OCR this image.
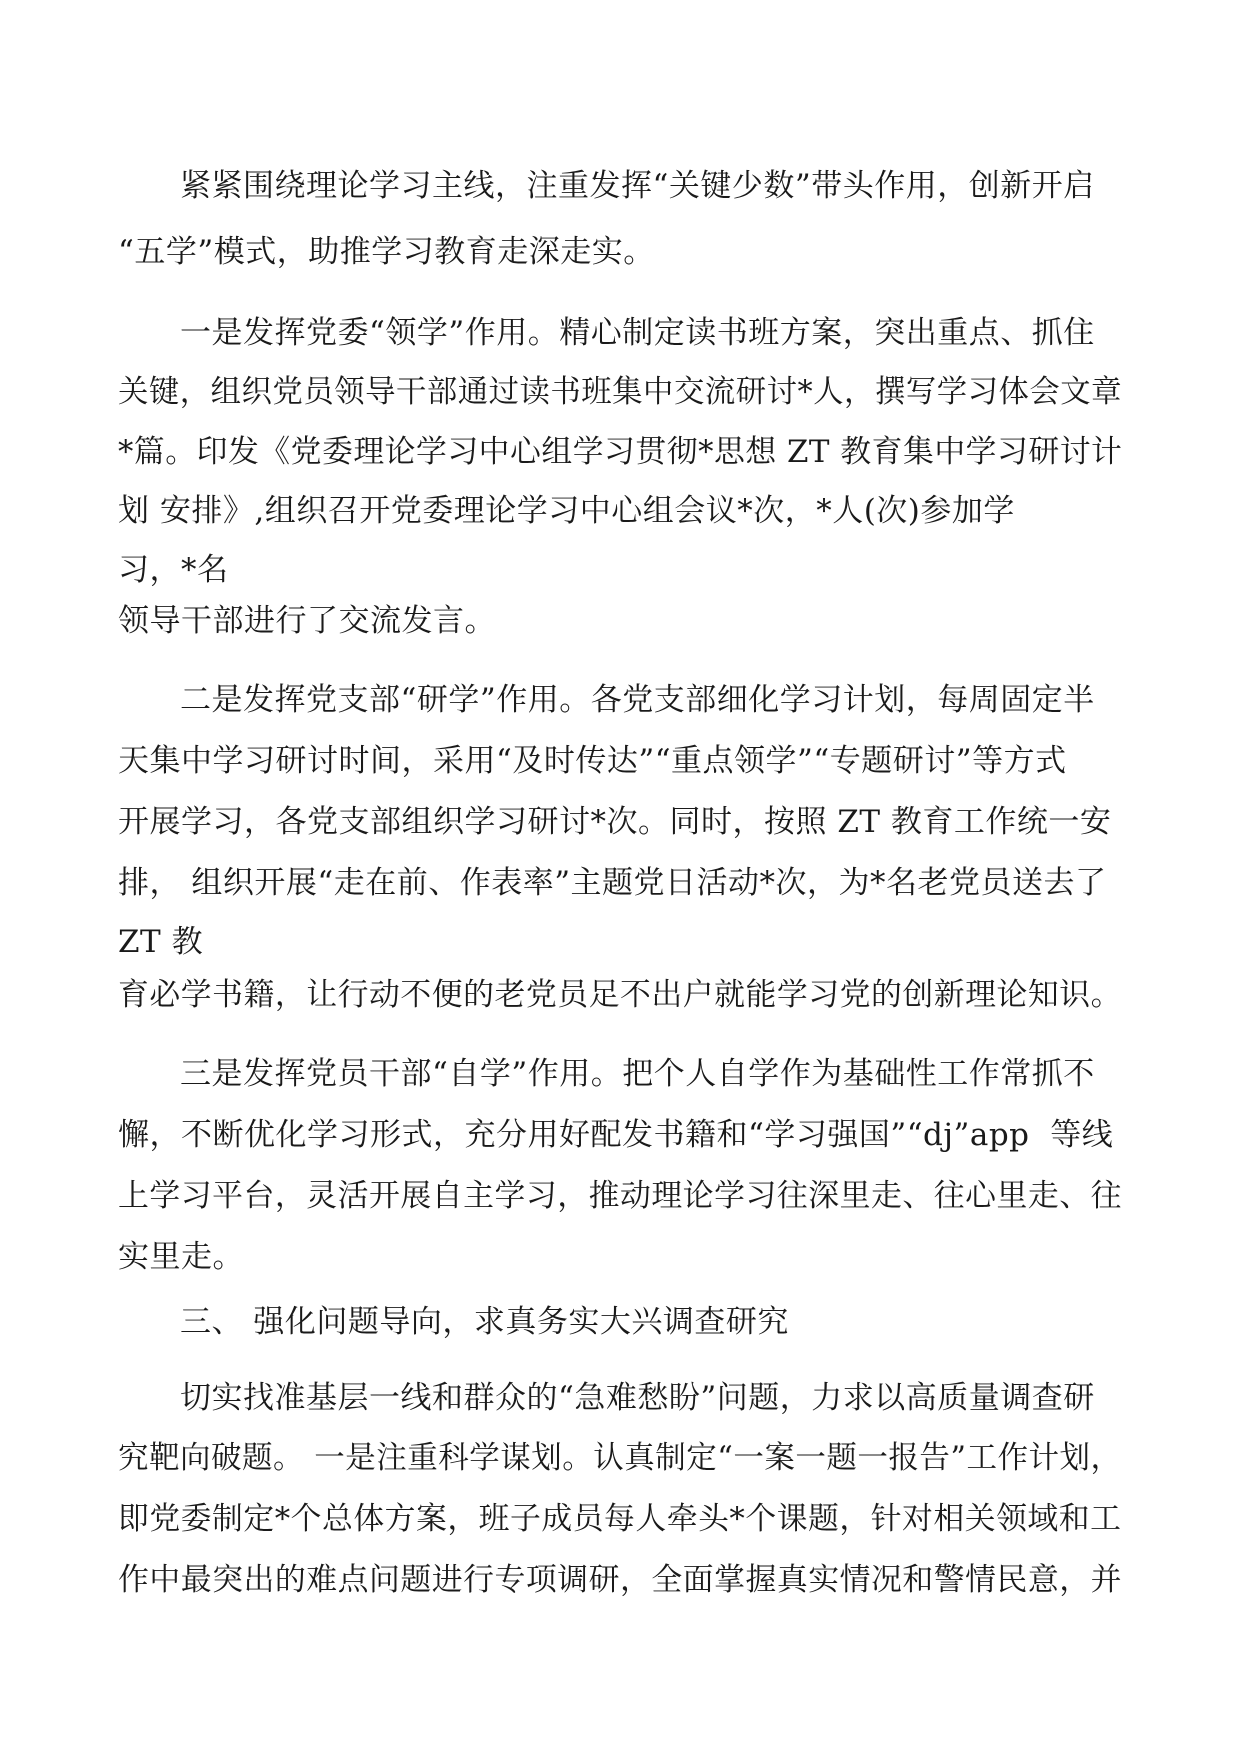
紧紧围绕理论学习主线，注重发挥“关键少数”带头作用，创新开启
“五学”模式，助推学习教育走深走实。
一是发挥党委“领学”作用。精心制定读书班方案，突出重点、抓住
关键，组织党员领导干部通过读书班集中交流研讨*人，撰写学习体会文章
*篇。印发《党委理论学习中心组学习贯彻*思想 ZT 教育集中学习研讨计
划 安排》,组织召开党委理论学习中心组会议*次，*人(次)参加学
习，*名
领导干部进行了交流发言。
二是发挥党支部“研学”作用。各党支部细化学习计划，每周固定半
天集中学习研讨时间，采用“及时传达”“重点领学”“专题研讨”等方式
开展学习，各党支部组织学习研讨*次。同时，按照 ZT 教育工作统一安
排， 组织开展“走在前、作表率”主题党日活动*次，为*名老党员送去了
ZT 教
育必学书籍，让行动不便的老党员足不出户就能学习党的创新理论知识。
三是发挥党员干部“自学”作用。把个人自学作为基础性工作常抓不
懈，不断优化学习形式，充分用好配发书籍和“学习强国”“dj”app  等线
上学习平台，灵活开展自主学习，推动理论学习往深里走、往心里走、往
实里走。
三、 强化问题导向，求真务实大兴调查研究
切实找准基层一线和群众的“急难愁盼”问题，力求以高质量调查研
究靶向破题。 一是注重科学谋划。认真制定“一案一题一报告”工作计划，
即党委制定*个总体方案，班子成员每人牵头*个课题，针对相关领域和工
作中最突出的难点问题进行专项调研，全面掌握真实情况和警情民意，并
